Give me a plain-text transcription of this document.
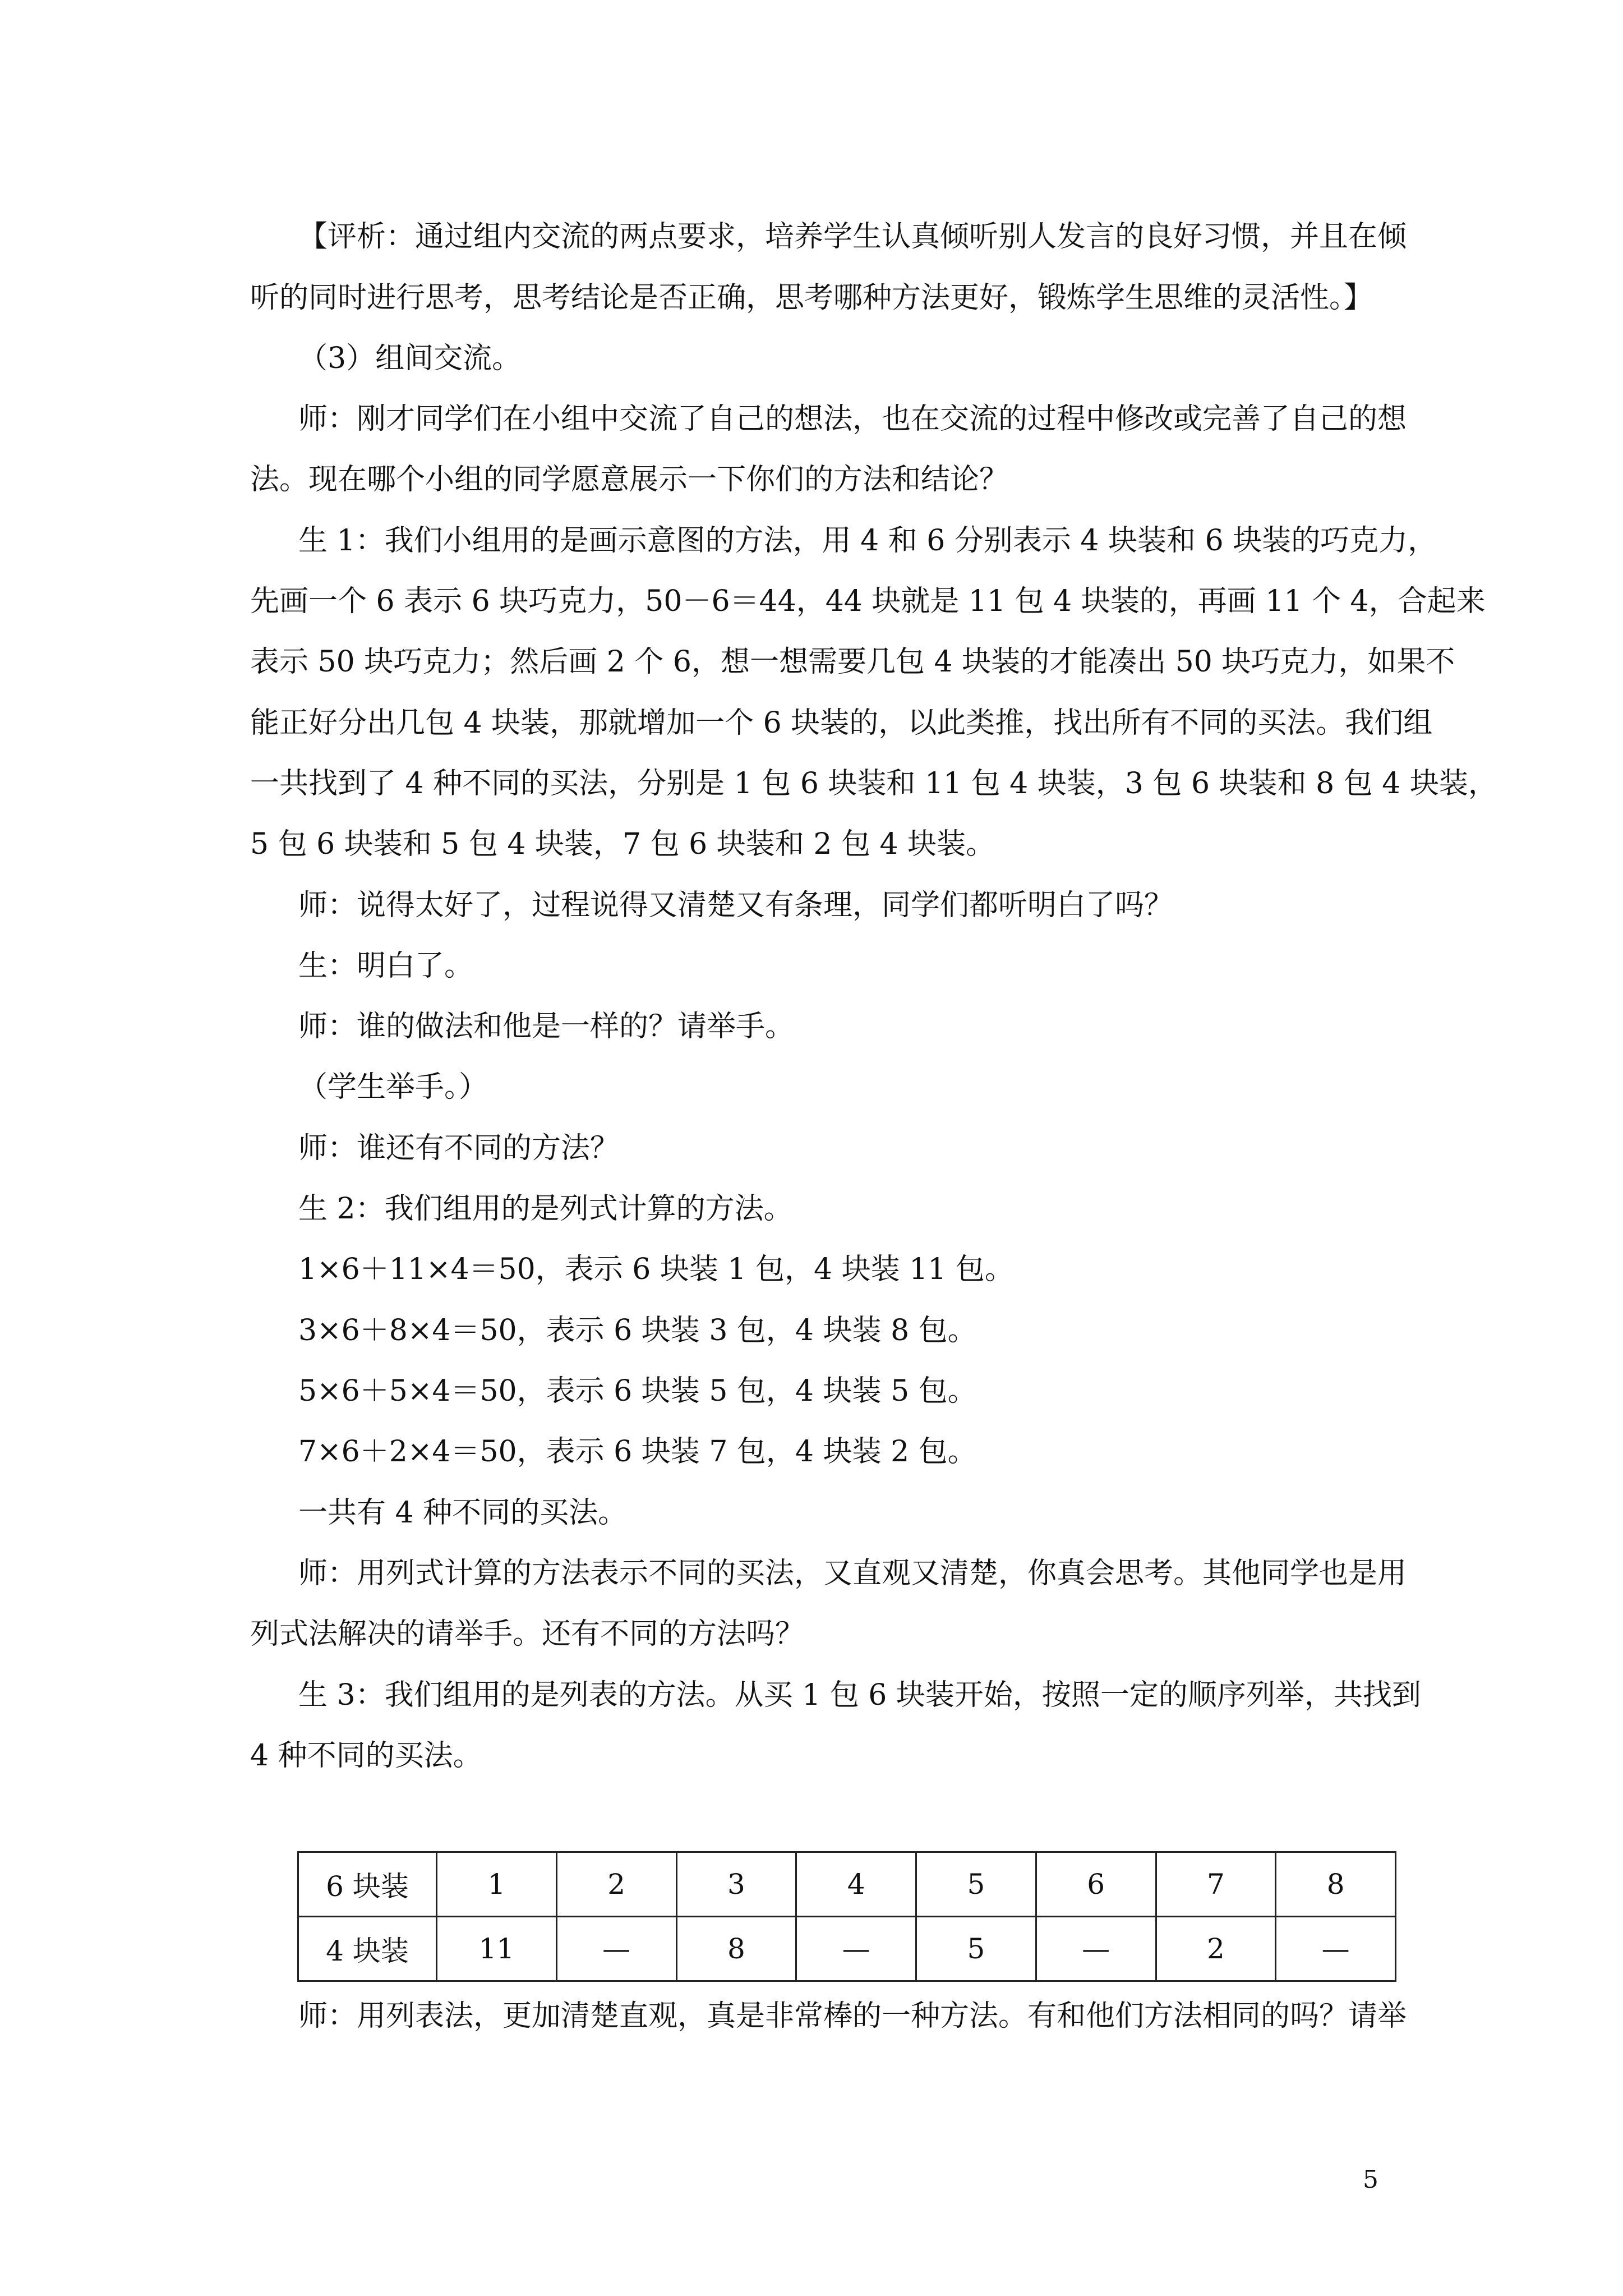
【评析：通过组内交流的两点要求，培养学生认真倾听别人发言的良好习惯，并且在倾
听的同时进行思考，思考结论是否正确，思考哪种方法更好，锻炼学生思维的灵活性。】
（3）组间交流。
师：刚才同学们在小组中交流了自己的想法，也在交流的过程中修改或完善了自己的想
法。现在哪个小组的同学愿意展示一下你们的方法和结论？
生 1：我们小组用的是画示意图的方法，用 4 和 6 分别表示 4 块装和 6 块装的巧克力，
先画一个 6 表示 6 块巧克力，50－6＝44，44 块就是 11 包 4 块装的，再画 11 个 4，合起来
表示 50 块巧克力；然后画 2 个 6，想一想需要几包 4 块装的才能凑出 50 块巧克力，如果不
能正好分出几包 4 块装，那就增加一个 6 块装的，以此类推，找出所有不同的买法。我们组
一共找到了 4 种不同的买法，分别是 1 包 6 块装和 11 包 4 块装，3 包 6 块装和 8 包 4 块装，
5 包 6 块装和 5 包 4 块装，7 包 6 块装和 2 包 4 块装。
师：说得太好了，过程说得又清楚又有条理，同学们都听明白了吗？
生：明白了。
师：谁的做法和他是一样的？请举手。
（学生举手。）
师：谁还有不同的方法？
生 2：我们组用的是列式计算的方法。
1×6＋11×4＝50，表示 6 块装 1 包，4 块装 11 包。
3×6＋8×4＝50，表示 6 块装 3 包，4 块装 8 包。
5×6＋5×4＝50，表示 6 块装 5 包，4 块装 5 包。
7×6＋2×4＝50，表示 6 块装 7 包，4 块装 2 包。
一共有 4 种不同的买法。
师：用列式计算的方法表示不同的买法，又直观又清楚，你真会思考。其他同学也是用
列式法解决的请举手。还有不同的方法吗？
生 3：我们组用的是列表的方法。从买 1 包 6 块装开始，按照一定的顺序列举，共找到
4 种不同的买法。
6 块装	1	2	3	4	5	6	7	8
4 块装	11	—	8	—	5	—	2	—
师：用列表法，更加清楚直观，真是非常棒的一种方法。有和他们方法相同的吗？请举
5
